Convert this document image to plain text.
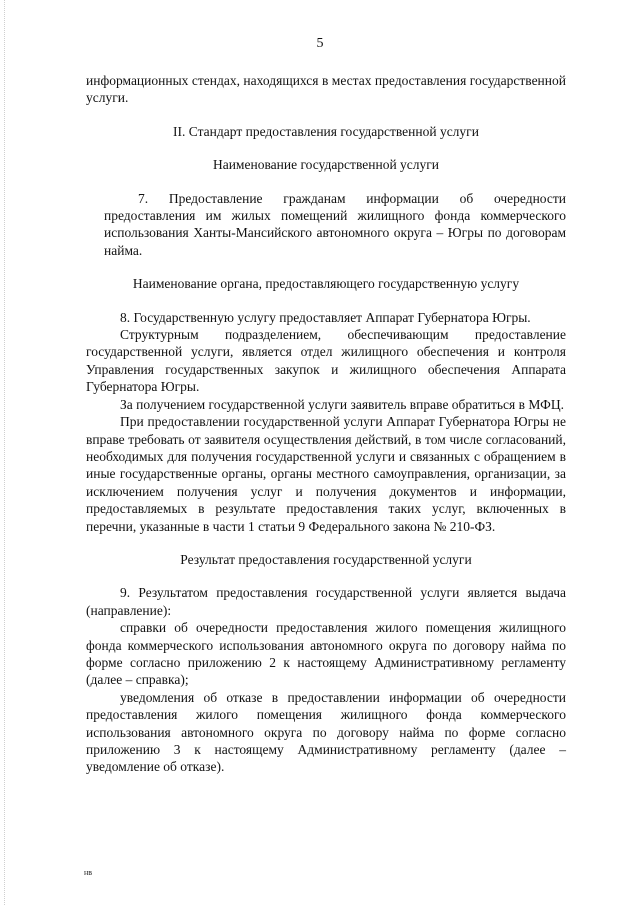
5

информационных стендах, находящихся в местах предоставления государственной услуги.

II. Стандарт предоставления государственной услуги

Наименование государственной услуги

7. Предоставление гражданам информации об очередности предоставления им жилых помещений жилищного фонда коммерческого использования Ханты-Мансийского автономного округа – Югры по договорам найма.

Наименование органа, предоставляющего государственную услугу

8. Государственную услугу предоставляет Аппарат Губернатора Югры.

Структурным подразделением, обеспечивающим предоставление государственной услуги, является отдел жилищного обеспечения и контроля Управления государственных закупок и жилищного обеспечения Аппарата Губернатора Югры.

За получением государственной услуги заявитель вправе обратиться в МФЦ.

При предоставлении государственной услуги Аппарат Губернатора Югры не вправе требовать от заявителя осуществления действий, в том числе согласований, необходимых для получения государственной услуги и связанных с обращением в иные государственные органы, органы местного самоуправления, организации, за исключением получения услуг и получения документов и информации, предоставляемых в результате предоставления таких услуг, включенных в перечни, указанные в части 1 статьи 9 Федерального закона № 210-ФЗ.

Результат предоставления государственной услуги

9. Результатом предоставления государственной услуги является выдача (направление):

справки об очередности предоставления жилого помещения жилищного фонда коммерческого использования автономного округа по договору найма по форме согласно приложению 2 к настоящему Административному регламенту (далее – справка);

уведомления об отказе в предоставлении информации об очередности предоставления жилого помещения жилищного фонда коммерческого использования автономного округа по договору найма по форме согласно приложению 3 к настоящему Административному регламенту (далее – уведомление об отказе).

нв
